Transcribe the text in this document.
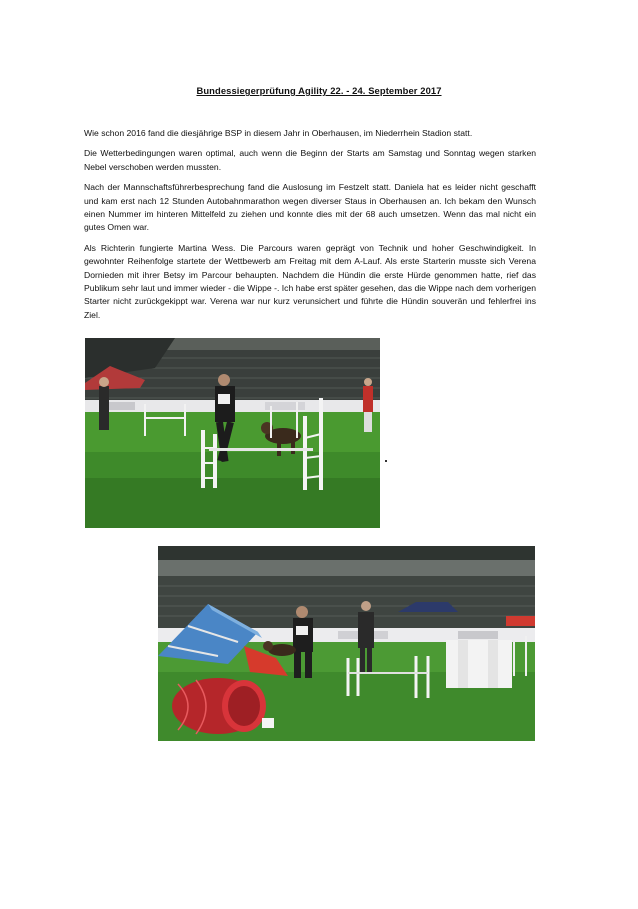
Bundessiegerprüfung Agility 22. - 24. September 2017

Wie schon 2016 fand die diesjährige BSP in diesem Jahr in Oberhausen, im Niederrhein Stadion statt.

Die Wetterbedingungen waren optimal, auch wenn die Beginn der Starts am Samstag und Sonntag wegen starken Nebel verschoben werden mussten.

Nach der Mannschaftsführerbesprechung fand die Auslosung im Festzelt statt. Daniela hat es leider nicht geschafft und kam erst nach 12 Stunden Autobahnmarathon wegen diverser Staus in Oberhausen an. Ich bekam den Wunsch einen Nummer im hinteren Mittelfeld zu ziehen und konnte dies mit der 68 auch umsetzen. Wenn das mal nicht ein gutes Omen war.

Als Richterin fungierte Martina Wess. Die Parcours waren geprägt von Technik und hoher Geschwindigkeit. In gewohnter Reihenfolge startete der Wettbewerb am Freitag mit dem A-Lauf. Als erste Starterin musste sich Verena Dornieden mit ihrer Betsy im Parcour behaupten. Nachdem die Hündin die erste Hürde genommen hatte, rief das Publikum sehr laut und immer wieder - die Wippe -. Ich habe erst später gesehen, das die Wippe nach dem vorherigen Starter nicht zurückgekippt war. Verena war nur kurz verunsichert und führte die Hündin souverän und fehlerfrei ins Ziel.
